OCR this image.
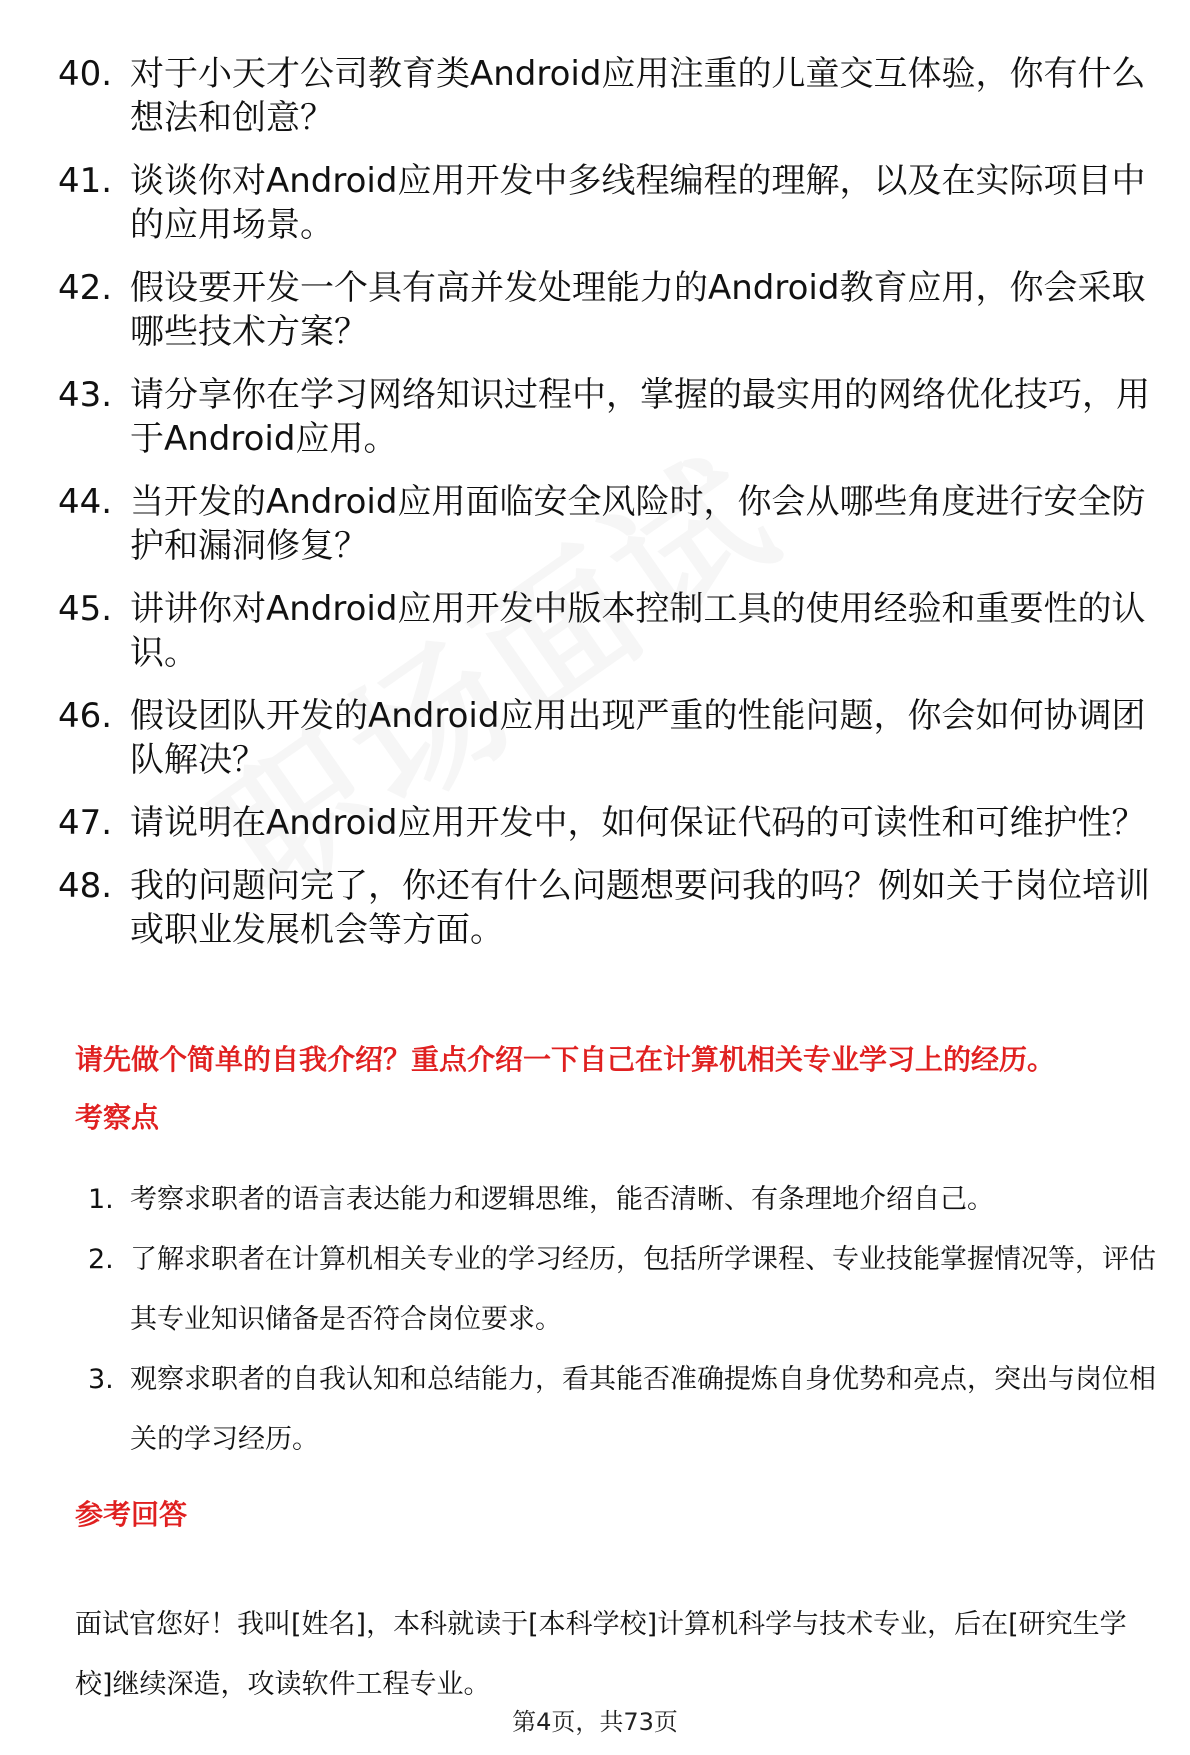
40. 对于小天才公司教育类Android应用注重的儿童交互体验，你有什么想法和创意？
41. 谈谈你对Android应用开发中多线程编程的理解，以及在实际项目中的应用场景。
42. 假设要开发一个具有高并发处理能力的Android教育应用，你会采取哪些技术方案？
43. 请分享你在学习网络知识过程中，掌握的最实用的网络优化技巧，用于Android应用。
44. 当开发的Android应用面临安全风险时，你会从哪些角度进行安全防护和漏洞修复？
45. 讲讲你对Android应用开发中版本控制工具的使用经验和重要性的认识。
46. 假设团队开发的Android应用出现严重的性能问题，你会如何协调团队解决？
47. 请说明在Android应用开发中，如何保证代码的可读性和可维护性？
48. 我的问题问完了，你还有什么问题想要问我的吗？例如关于岗位培训或职业发展机会等方面。
请先做个简单的自我介绍？重点介绍一下自己在计算机相关专业学习上的经历。
考察点
1. 考察求职者的语言表达能力和逻辑思维，能否清晰、有条理地介绍自己。
2. 了解求职者在计算机相关专业的学习经历，包括所学课程、专业技能掌握情况等，评估其专业知识储备是否符合岗位要求。
3. 观察求职者的自我认知和总结能力，看其能否准确提炼自身优势和亮点，突出与岗位相关的学习经历。
参考回答

面试官您好！我叫[姓名]，本科就读于[本科学校]计算机科学与技术专业，后在[研究生学校]继续深造，攻读软件工程专业。

第4页，共73页
